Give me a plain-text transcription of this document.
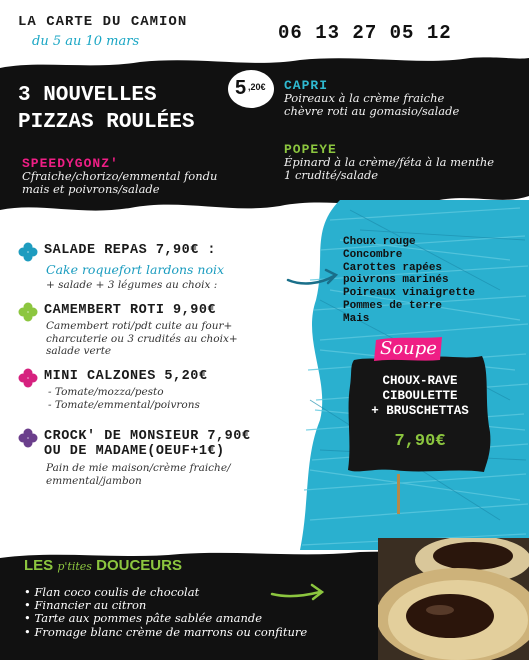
LA CARTE DU CAMION
du 5 au 10 mars	06 13 27 05 12
3 NOUVELLES
PIZZAS ROULÉES
5 ,20€
SPEEDYGONZ'
Cfraiche/chorizo/emmental fondu
mais et poivrons/salade
CAPRI
Poireaux à la crème fraiche
chèvre roti au gomasio/salade
POPEYE
Épinard à la crème/féta à la menthe
1 crudité/salade
SALADE REPAS 7,90€ :
Cake roquefort lardons noix
+ salade + 3 légumes au choix :
CAMEMBERT ROTI 9,90€
Camembert roti/pdt cuite au four+
charcuterie ou 3 crudités au choix+
salade verte
MINI CALZONES 5,20€
- Tomate/mozza/pesto
- Tomate/emmental/poivrons
CROCK' DE MONSIEUR 7,90€
OU DE MADAME(OEUF+1€)
Pain de mie maison/crème fraiche/
emmental/jambon
Choux rouge
Concombre
Carottes rapées
poivrons marinés
Poireaux vinaigrette
Pommes de terre
Mais
Soupe
CHOUX-RAVE
CIBOULETTE
+ BRUSCHETTAS
7,90€
LES p'tites DOUCEURS
• Flan coco coulis de chocolat
• Financier au citron
• Tarte aux pommes pâte sablée amande
• Fromage blanc crème de marrons ou confiture
